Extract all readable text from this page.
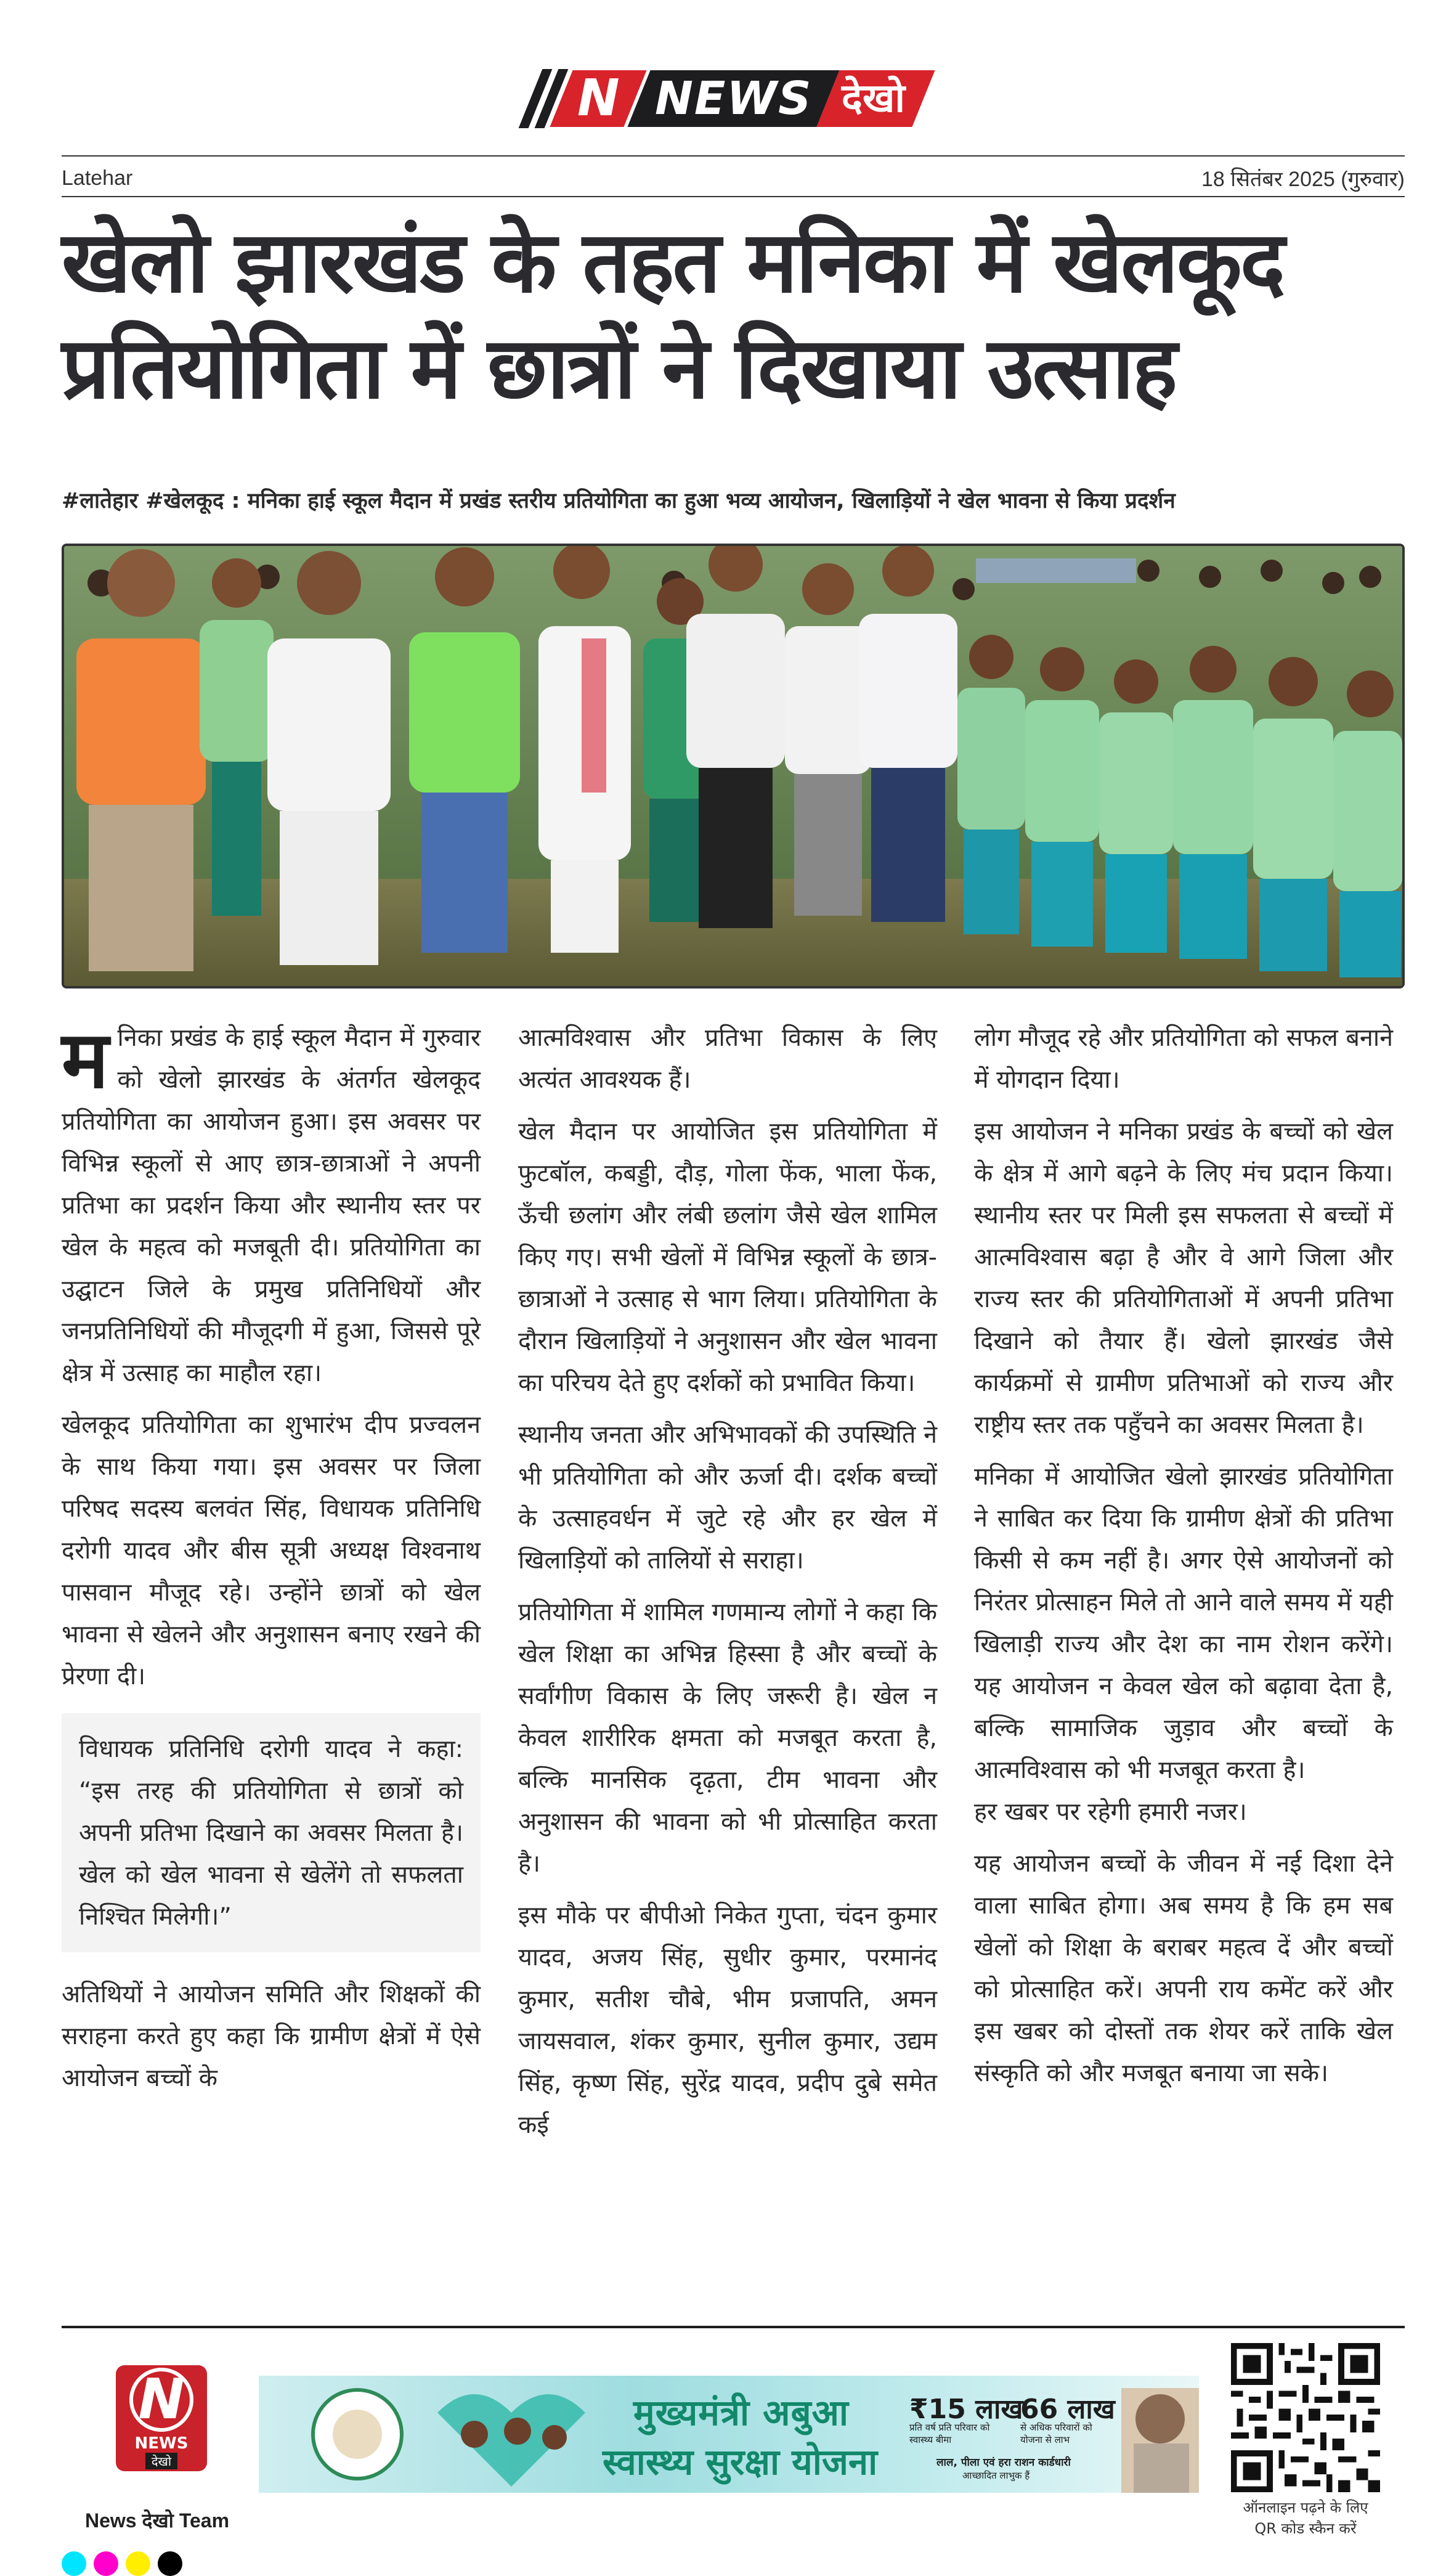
N NEWS देखो
Latehar	18 सितंबर 2025 (गुरुवार)
खेलो झारखंड के तहत मनिका में खेलकूद
प्रतियोगिता में छात्रों ने दिखाया उत्साह
#लातेहार #खेलकूद : मनिका हाई स्कूल मैदान में प्रखंड स्तरीय प्रतियोगिता का हुआ भव्य आयोजन, खिलाड़ियों ने खेल भावना से किया प्रदर्शन

मनिका प्रखंड के हाई स्कूल मैदान में गुरुवार को खेलो झारखंड के अंतर्गत खेलकूद प्रतियोगिता का आयोजन हुआ। इस अवसर पर विभिन्न स्कूलों से आए छात्र-छात्राओं ने अपनी प्रतिभा का प्रदर्शन किया और स्थानीय स्तर पर खेल के महत्व को मजबूती दी। प्रतियोगिता का उद्घाटन जिले के प्रमुख प्रतिनिधियों और जनप्रतिनिधियों की मौजूदगी में हुआ, जिससे पूरे क्षेत्र में उत्साह का माहौल रहा।

खेलकूद प्रतियोगिता का शुभारंभ दीप प्रज्वलन के साथ किया गया। इस अवसर पर जिला परिषद सदस्य बलवंत सिंह, विधायक प्रतिनिधि दरोगी यादव और बीस सूत्री अध्यक्ष विश्वनाथ पासवान मौजूद रहे। उन्होंने छात्रों को खेल भावना से खेलने और अनुशासन बनाए रखने की प्रेरणा दी।

विधायक प्रतिनिधि दरोगी यादव ने कहा: “इस तरह की प्रतियोगिता से छात्रों को अपनी प्रतिभा दिखाने का अवसर मिलता है। खेल को खेल भावना से खेलेंगे तो सफलता निश्चित मिलेगी।”

अतिथियों ने आयोजन समिति और शिक्षकों की सराहना करते हुए कहा कि ग्रामीण क्षेत्रों में ऐसे आयोजन बच्चों के

आत्मविश्वास और प्रतिभा विकास के लिए अत्यंत आवश्यक हैं।

खेल मैदान पर आयोजित इस प्रतियोगिता में फुटबॉल, कबड्डी, दौड़, गोला फेंक, भाला फेंक, ऊँची छलांग और लंबी छलांग जैसे खेल शामिल किए गए। सभी खेलों में विभिन्न स्कूलों के छात्र-छात्राओं ने उत्साह से भाग लिया। प्रतियोगिता के दौरान खिलाड़ियों ने अनुशासन और खेल भावना का परिचय देते हुए दर्शकों को प्रभावित किया।

स्थानीय जनता और अभिभावकों की उपस्थिति ने भी प्रतियोगिता को और ऊर्जा दी। दर्शक बच्चों के उत्साहवर्धन में जुटे रहे और हर खेल में खिलाड़ियों को तालियों से सराहा।

प्रतियोगिता में शामिल गणमान्य लोगों ने कहा कि खेल शिक्षा का अभिन्न हिस्सा है और बच्चों के सर्वांगीण विकास के लिए जरूरी है। खेल न केवल शारीरिक क्षमता को मजबूत करता है, बल्कि मानसिक दृढ़ता, टीम भावना और अनुशासन की भावना को भी प्रोत्साहित करता है।

इस मौके पर बीपीओ निकेत गुप्ता, चंदन कुमार यादव, अजय सिंह, सुधीर कुमार, परमानंद कुमार, सतीश चौबे, भीम प्रजापति, अमन जायसवाल, शंकर कुमार, सुनील कुमार, उद्यम सिंह, कृष्ण सिंह, सुरेंद्र यादव, प्रदीप दुबे समेत कई

लोग मौजूद रहे और प्रतियोगिता को सफल बनाने में योगदान दिया।

इस आयोजन ने मनिका प्रखंड के बच्चों को खेल के क्षेत्र में आगे बढ़ने के लिए मंच प्रदान किया। स्थानीय स्तर पर मिली इस सफलता से बच्चों में आत्मविश्वास बढ़ा है और वे आगे जिला और राज्य स्तर की प्रतियोगिताओं में अपनी प्रतिभा दिखाने को तैयार हैं। खेलो झारखंड जैसे कार्यक्रमों से ग्रामीण प्रतिभाओं को राज्य और राष्ट्रीय स्तर तक पहुँचने का अवसर मिलता है।

मनिका में आयोजित खेलो झारखंड प्रतियोगिता ने साबित कर दिया कि ग्रामीण क्षेत्रों की प्रतिभा किसी से कम नहीं है। अगर ऐसे आयोजनों को निरंतर प्रोत्साहन मिले तो आने वाले समय में यही खिलाड़ी राज्य और देश का नाम रोशन करेंगे। यह आयोजन न केवल खेल को बढ़ावा देता है, बल्कि सामाजिक जुड़ाव और बच्चों के आत्मविश्वास को भी मजबूत करता है।

हर खबर पर रहेगी हमारी नजर।

यह आयोजन बच्चों के जीवन में नई दिशा देने वाला साबित होगा। अब समय है कि हम सब खेलों को शिक्षा के बराबर महत्व दें और बच्चों को प्रोत्साहित करें। अपनी राय कमेंट करें और इस खबर को दोस्तों तक शेयर करें ताकि खेल संस्कृति को और मजबूत बनाया जा सके।

N
NEWS
देखो
News देखो Team
मुख्यमंत्री अबुआ
स्वास्थ्य सुरक्षा योजना
₹15 लाख
प्रति वर्ष प्रति परिवार को स्वास्थ्य बीमा
66 लाख
से अधिक परिवारों को योजना से लाभ
लाल, पीला एवं हरा राशन कार्डधारी
आच्छादित लाभुक हैं
ऑनलाइन पढ़ने के लिए
QR कोड स्कैन करें
